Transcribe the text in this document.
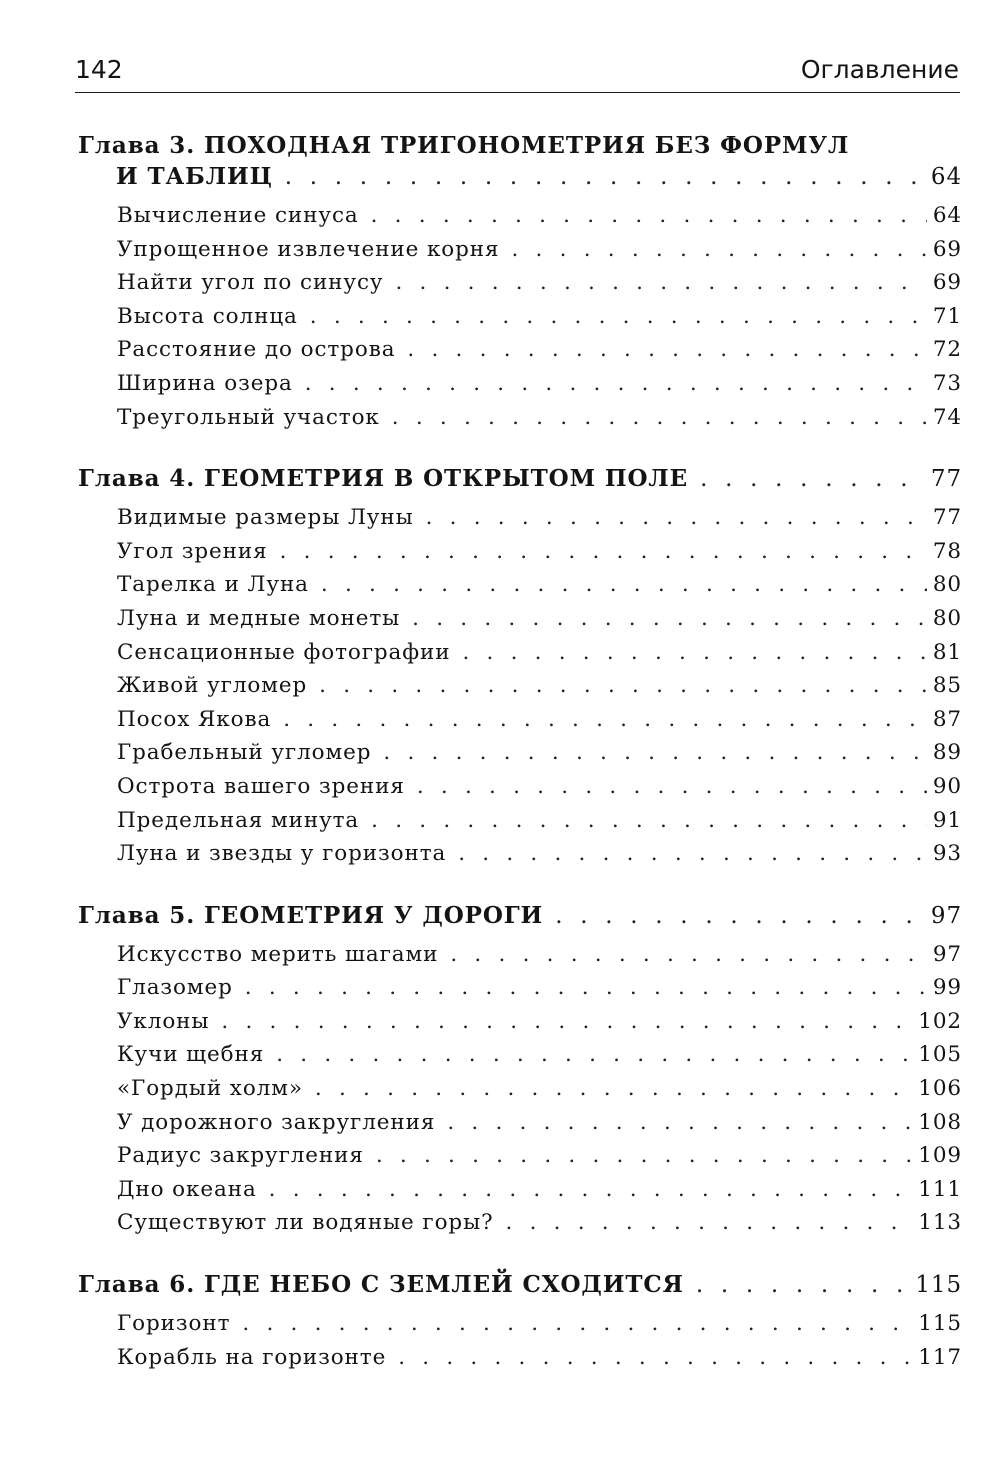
142	Оглавление
Глава 3. ПОХОДНАЯ ТРИГОНОМЕТРИЯ БЕЗ ФОРМУЛ
И ТАБЛИЦ . . .	64
Вычисление синуса . . .	64
Упрощенное извлечение корня . . .	69
Найти угол по синусу . . .	69
Высота солнца . . .	71
Расстояние до острова . . .	72
Ширина озера . . .	73
Треугольный участок . . .	74
Глава 4. ГЕОМЕТРИЯ В ОТКРЫТОМ ПОЛЕ . . .	77
Видимые размеры Луны . . .	77
Угол зрения . . .	78
Тарелка и Луна . . .	80
Луна и медные монеты . . .	80
Сенсационные фотографии . . .	81
Живой угломер . . .	85
Посох Якова . . .	87
Грабельный угломер . . .	89
Острота вашего зрения . . .	90
Предельная минута . . .	91
Луна и звезды у горизонта . . .	93
Глава 5. ГЕОМЕТРИЯ У ДОРОГИ . . .	97
Искусство мерить шагами . . .	97
Глазомер . . .	99
Уклоны . . .	102
Кучи щебня . . .	105
«Гордый холм» . . .	106
У дорожного закругления . . .	108
Радиус закругления . . .	109
Дно океана . . .	111
Существуют ли водяные горы? . . .	113
Глава 6. ГДЕ НЕБО С ЗЕМЛЕЙ СХОДИТСЯ . . .	115
Горизонт . . .	115
Корабль на горизонте . . .	117
